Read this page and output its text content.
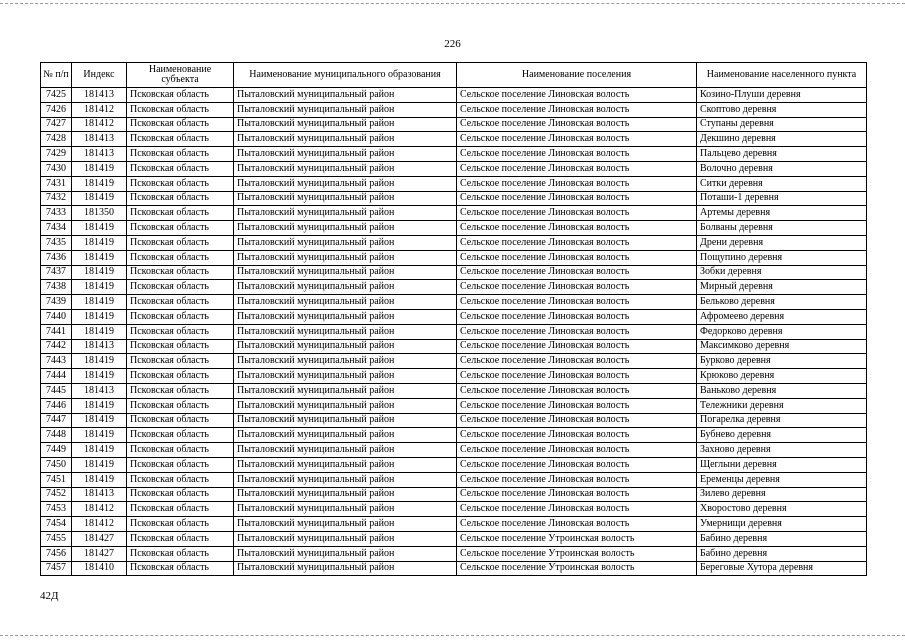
226
№ п/п	Индекс	Наименование субъекта	Наименование муниципального образования	Наименование поселения	Наименование населенного пункта
7425	181413	Псковская область	Пыталовский муниципальный район	Сельское поселение Линовская волость	Козино-Плуши деревня
7426	181412	Псковская область	Пыталовский муниципальный район	Сельское поселение Линовская волость	Скоптово деревня
7427	181412	Псковская область	Пыталовский муниципальный район	Сельское поселение Линовская волость	Ступаны деревня
7428	181413	Псковская область	Пыталовский муниципальный район	Сельское поселение Линовская волость	Декшино деревня
7429	181413	Псковская область	Пыталовский муниципальный район	Сельское поселение Линовская волость	Пальцево деревня
7430	181419	Псковская область	Пыталовский муниципальный район	Сельское поселение Линовская волость	Волочно деревня
7431	181419	Псковская область	Пыталовский муниципальный район	Сельское поселение Линовская волость	Ситки деревня
7432	181419	Псковская область	Пыталовский муниципальный район	Сельское поселение Линовская волость	Поташи-1 деревня
7433	181350	Псковская область	Пыталовский муниципальный район	Сельское поселение Линовская волость	Артемы деревня
7434	181419	Псковская область	Пыталовский муниципальный район	Сельское поселение Линовская волость	Болваны деревня
7435	181419	Псковская область	Пыталовский муниципальный район	Сельское поселение Линовская волость	Дрени деревня
7436	181419	Псковская область	Пыталовский муниципальный район	Сельское поселение Линовская волость	Пощупино деревня
7437	181419	Псковская область	Пыталовский муниципальный район	Сельское поселение Линовская волость	Зобки деревня
7438	181419	Псковская область	Пыталовский муниципальный район	Сельское поселение Линовская волость	Мирный деревня
7439	181419	Псковская область	Пыталовский муниципальный район	Сельское поселение Линовская волость	Бельково деревня
7440	181419	Псковская область	Пыталовский муниципальный район	Сельское поселение Линовская волость	Афромеево деревня
7441	181419	Псковская область	Пыталовский муниципальный район	Сельское поселение Линовская волость	Федорково деревня
7442	181413	Псковская область	Пыталовский муниципальный район	Сельское поселение Линовская волость	Максимково деревня
7443	181419	Псковская область	Пыталовский муниципальный район	Сельское поселение Линовская волость	Бурково деревня
7444	181419	Псковская область	Пыталовский муниципальный район	Сельское поселение Линовская волость	Крюково деревня
7445	181413	Псковская область	Пыталовский муниципальный район	Сельское поселение Линовская волость	Ваньково деревня
7446	181419	Псковская область	Пыталовский муниципальный район	Сельское поселение Линовская волость	Тележники деревня
7447	181419	Псковская область	Пыталовский муниципальный район	Сельское поселение Линовская волость	Погарелка деревня
7448	181419	Псковская область	Пыталовский муниципальный район	Сельское поселение Линовская волость	Бубнево деревня
7449	181419	Псковская область	Пыталовский муниципальный район	Сельское поселение Линовская волость	Захново деревня
7450	181419	Псковская область	Пыталовский муниципальный район	Сельское поселение Линовская волость	Щеглыни деревня
7451	181419	Псковская область	Пыталовский муниципальный район	Сельское поселение Линовская волость	Еременцы деревня
7452	181413	Псковская область	Пыталовский муниципальный район	Сельское поселение Линовская волость	Зилево деревня
7453	181412	Псковская область	Пыталовский муниципальный район	Сельское поселение Линовская волость	Хворостово деревня
7454	181412	Псковская область	Пыталовский муниципальный район	Сельское поселение Линовская волость	Умернищи деревня
7455	181427	Псковская область	Пыталовский муниципальный район	Сельское поселение Утроинская волость	Бабино деревня
7456	181427	Псковская область	Пыталовский муниципальный район	Сельское поселение Утроинская волость	Бабино деревня
7457	181410	Псковская область	Пыталовский муниципальный район	Сельское поселение Утроинская волость	Береговые Хутора деревня
42Д
